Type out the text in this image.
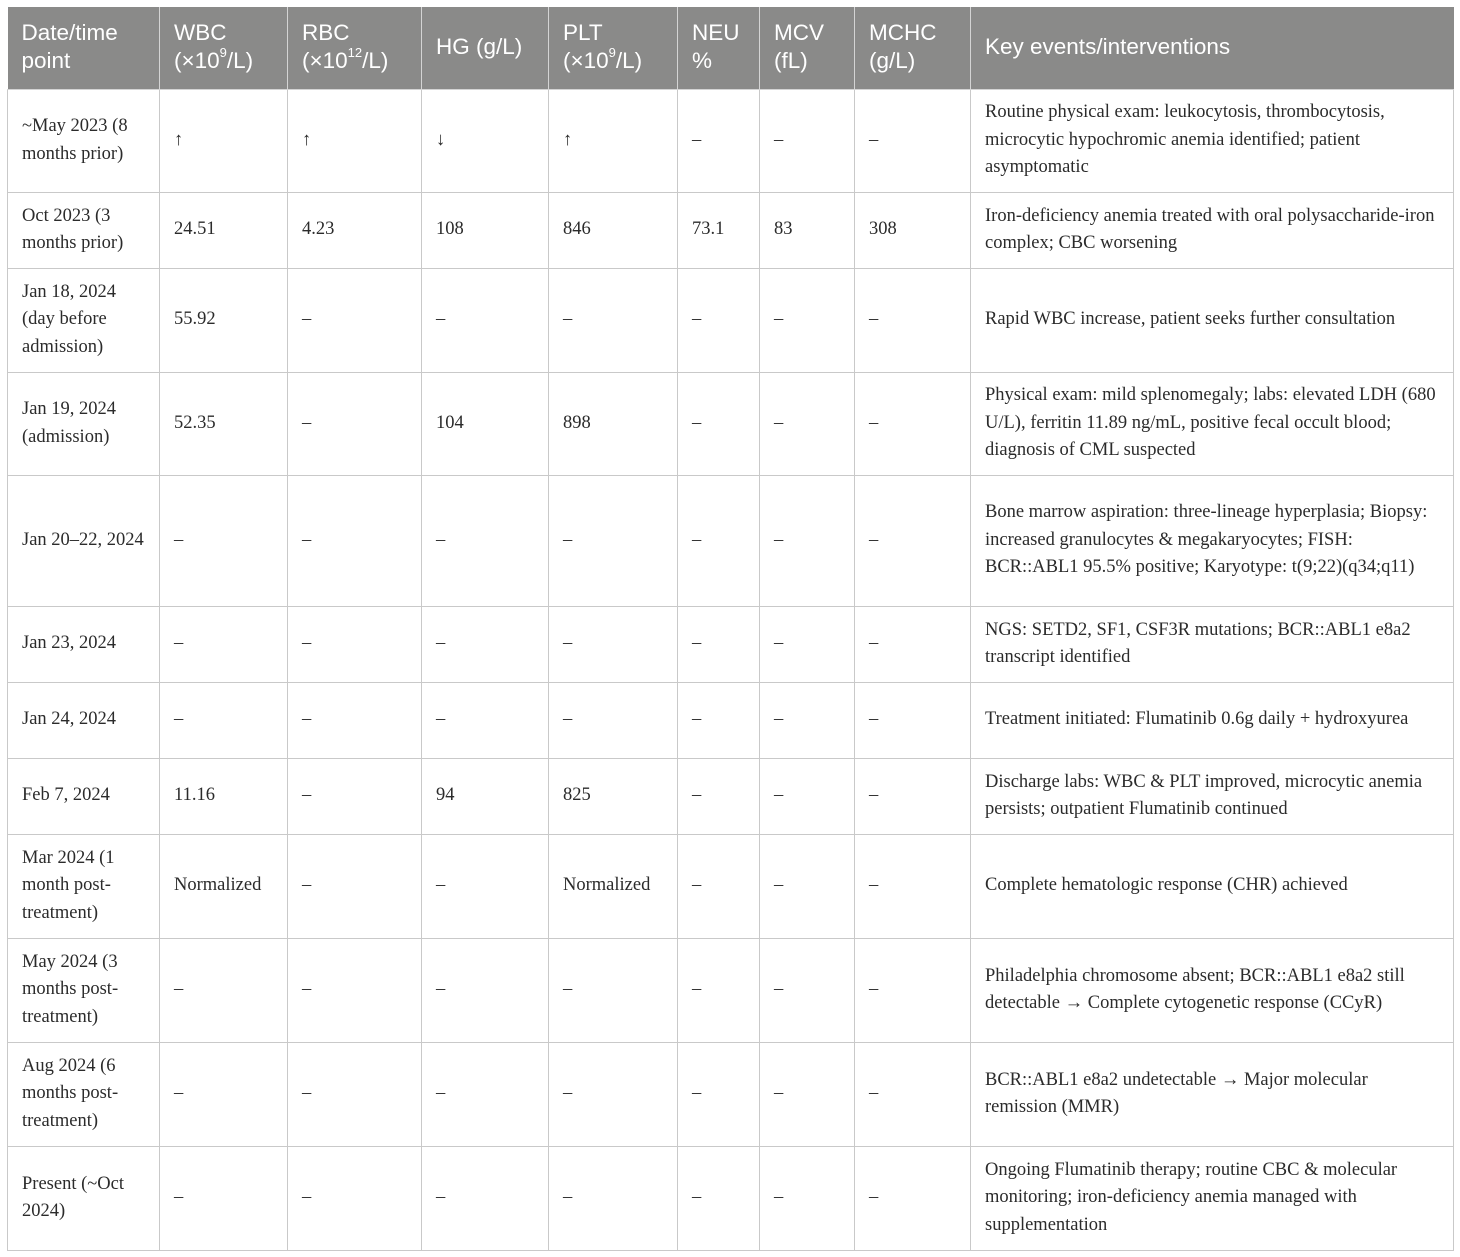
Date/time point	WBC $(\times 10^9/L)$	RBC $(\times 10^{12}/L)$	HG (g/L)	PLT $(\times 10^9/L)$	NEU %	MCV (fL)	MCHC (g/L)	Key events/interventions
~May 2023 (8 months prior)	↑	↑	↓	↑	–	–	–	Routine physical exam: leukocytosis, thrombocytosis, microcytic hypochromic anemia identified; patient asymptomatic
Oct 2023 (3 months prior)	24.51	4.23	108	846	73.1	83	308	Iron-deficiency anemia treated with oral polysaccharide-iron complex; CBC worsening
Jan 18, 2024 (day before admission)	55.92	–	–	–	–	–	–	Rapid WBC increase, patient seeks further consultation
Jan 19, 2024 (admission)	52.35	–	104	898	–	–	–	Physical exam: mild splenomegaly; labs: elevated LDH (680 U/L), ferritin 11.89 ng/mL, positive fecal occult blood; diagnosis of CML suspected
Jan 20–22, 2024	–	–	–	–	–	–	–	Bone marrow aspiration: three-lineage hyperplasia; Biopsy: increased granulocytes & megakaryocytes; FISH: BCR::ABL1 95.5% positive; Karyotype: t(9;22)(q34;q11)
Jan 23, 2024	–	–	–	–	–	–	–	NGS: SETD2, SF1, CSF3R mutations; BCR::ABL1 e8a2 transcript identified
Jan 24, 2024	–	–	–	–	–	–	–	Treatment initiated: Flumatinib 0.6g daily + hydroxyurea
Feb 7, 2024	11.16	–	94	825	–	–	–	Discharge labs: WBC & PLT improved, microcytic anemia persists; outpatient Flumatinib continued
Mar 2024 (1 month post-treatment)	Normalized	–	–	Normalized	–	–	–	Complete hematologic response (CHR) achieved
May 2024 (3 months post-treatment)	–	–	–	–	–	–	–	Philadelphia chromosome absent; BCR::ABL1 e8a2 still detectable → Complete cytogenetic response (CCyR)
Aug 2024 (6 months post-treatment)	–	–	–	–	–	–	–	BCR::ABL1 e8a2 undetectable → Major molecular remission (MMR)
Present (~Oct 2024)	–	–	–	–	–	–	–	Ongoing Flumatinib therapy; routine CBC & molecular monitoring; iron-deficiency anemia managed with supplementation
